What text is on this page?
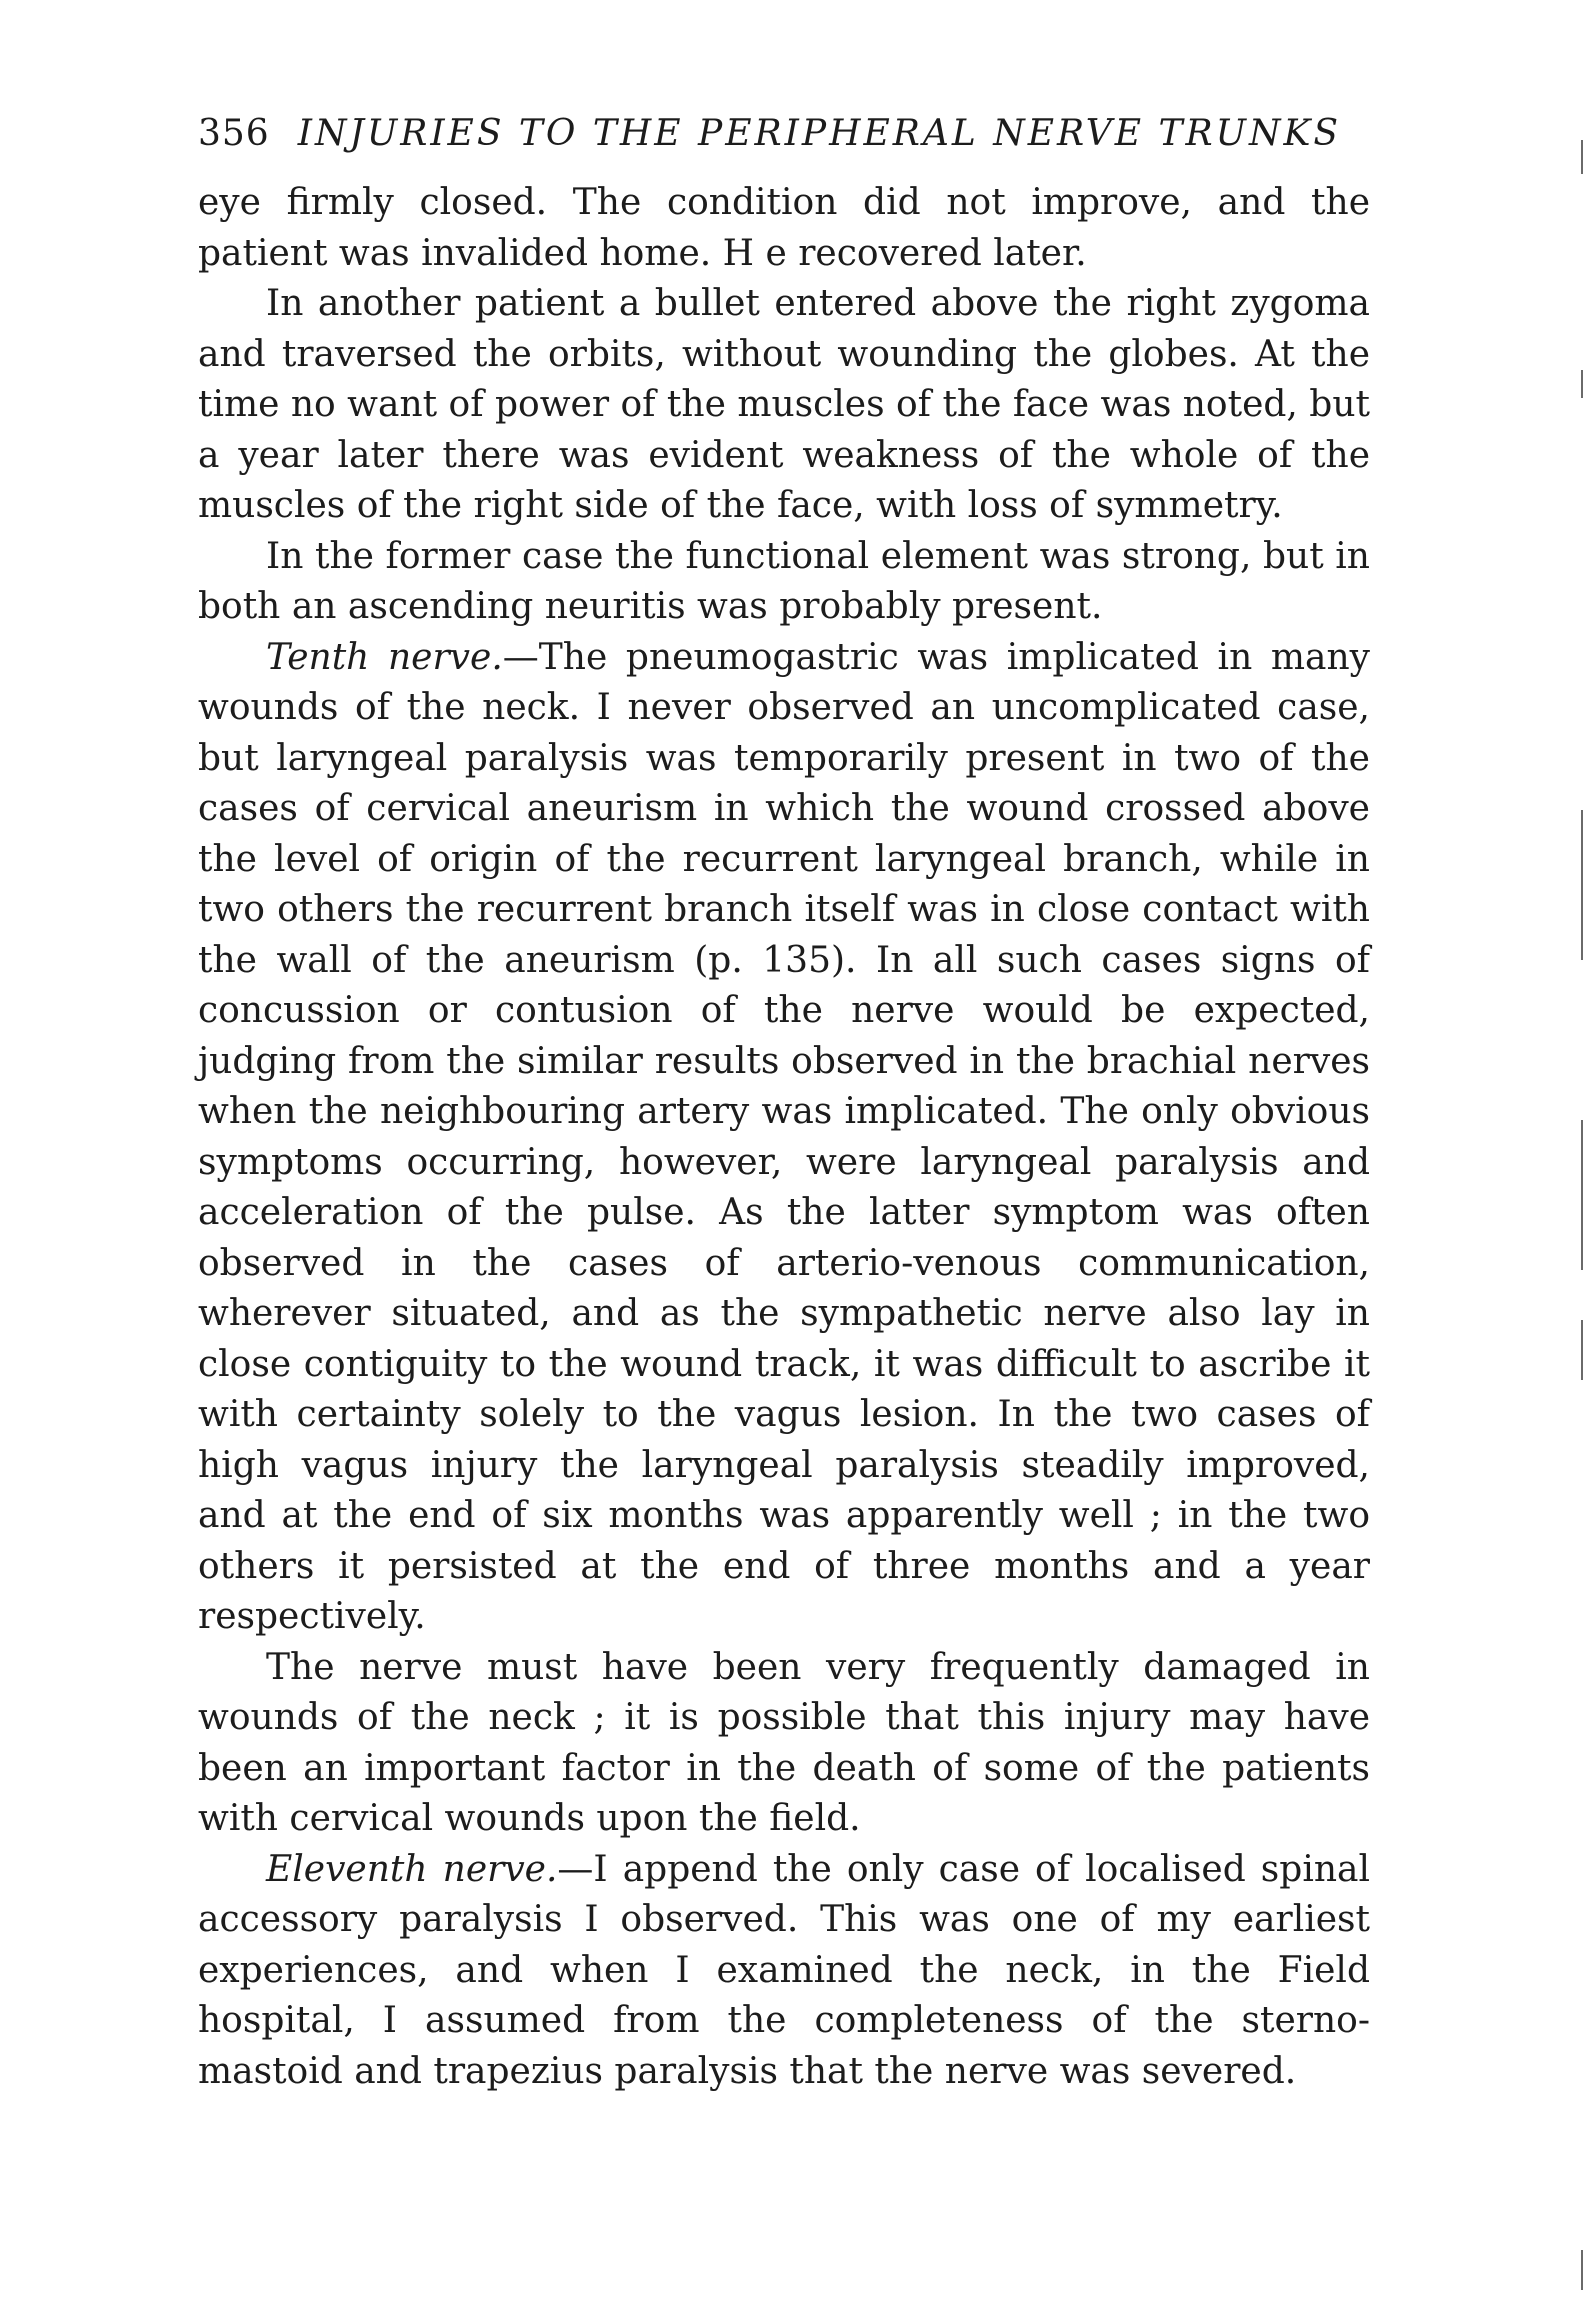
356 INJURIES TO THE PERIPHERAL NERVE TRUNKS

eye firmly closed. The condition did not improve, and the patient was invalided home. H e recovered later.

In another patient a bullet entered above the right zygoma and traversed the orbits, without wounding the globes. At the time no want of power of the muscles of the face was noted, but a year later there was evident weakness of the whole of the muscles of the right side of the face, with loss of symmetry.

In the former case the functional element was strong, but in both an ascending neuritis was probably present.

Tenth nerve.—The pneumogastric was implicated in many wounds of the neck. I never observed an uncomplicated case, but laryngeal paralysis was temporarily present in two of the cases of cervical aneurism in which the wound crossed above the level of origin of the recurrent laryngeal branch, while in two others the recurrent branch itself was in close contact with the wall of the aneurism (p. 135). In all such cases signs of concussion or contusion of the nerve would be expected, judging from the similar results observed in the brachial nerves when the neighbouring artery was implicated. The only obvious symptoms occurring, however, were laryngeal paralysis and acceleration of the pulse. As the latter symptom was often observed in the cases of arterio-venous communication, wherever situated, and as the sympathetic nerve also lay in close contiguity to the wound track, it was difficult to ascribe it with certainty solely to the vagus lesion. In the two cases of high vagus injury the laryngeal paralysis steadily improved, and at the end of six months was apparently well ; in the two others it persisted at the end of three months and a year respectively.

The nerve must have been very frequently damaged in wounds of the neck ; it is possible that this injury may have been an important factor in the death of some of the patients with cervical wounds upon the field.

Eleventh nerve.—I append the only case of localised spinal accessory paralysis I observed. This was one of my earliest experiences, and when I examined the neck, in the Field hospital, I assumed from the completeness of the sternomastoid and trapezius paralysis that the nerve was severed.
